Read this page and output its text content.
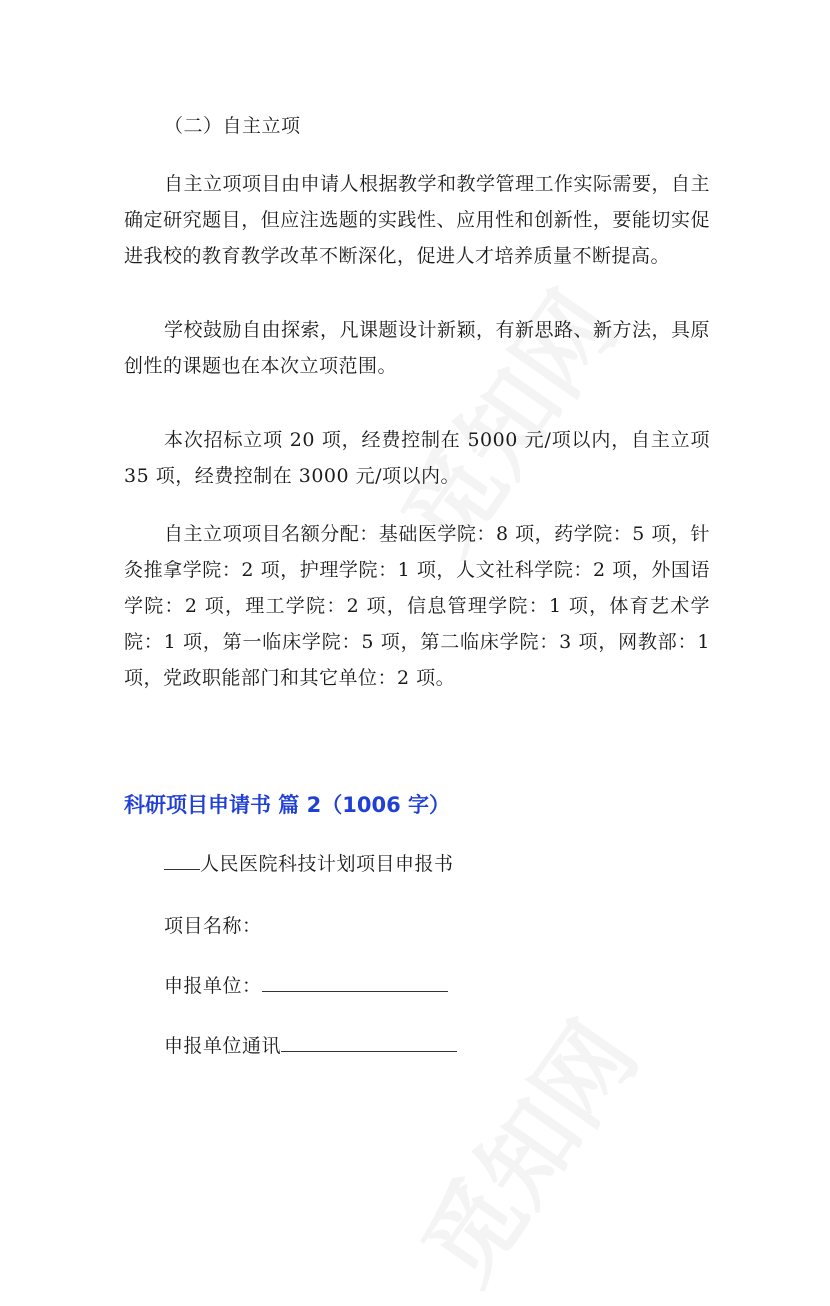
（二）自主立项

自主立项项目由申请人根据教学和教学管理工作实际需要，自主确定研究题目，但应注选题的实践性、应用性和创新性，要能切实促进我校的教育教学改革不断深化，促进人才培养质量不断提高。

学校鼓励自由探索，凡课题设计新颖，有新思路、新方法，具原创性的课题也在本次立项范围。

本次招标立项 20 项，经费控制在 5000 元/项以内，自主立项 35 项，经费控制在 3000 元/项以内。

自主立项项目名额分配：基础医学院：8 项，药学院：5 项，针灸推拿学院：2 项，护理学院：1 项，人文社科学院：2 项，外国语学院：2 项，理工学院：2 项，信息管理学院：1 项，体育艺术学院：1 项，第一临床学院：5 项，第二临床学院：3 项，网教部：1 项，党政职能部门和其它单位：2 项。

科研项目申请书 篇 2（1006 字）

人民医院科技计划项目申报书

项目名称：

申报单位：

申报单位通讯
